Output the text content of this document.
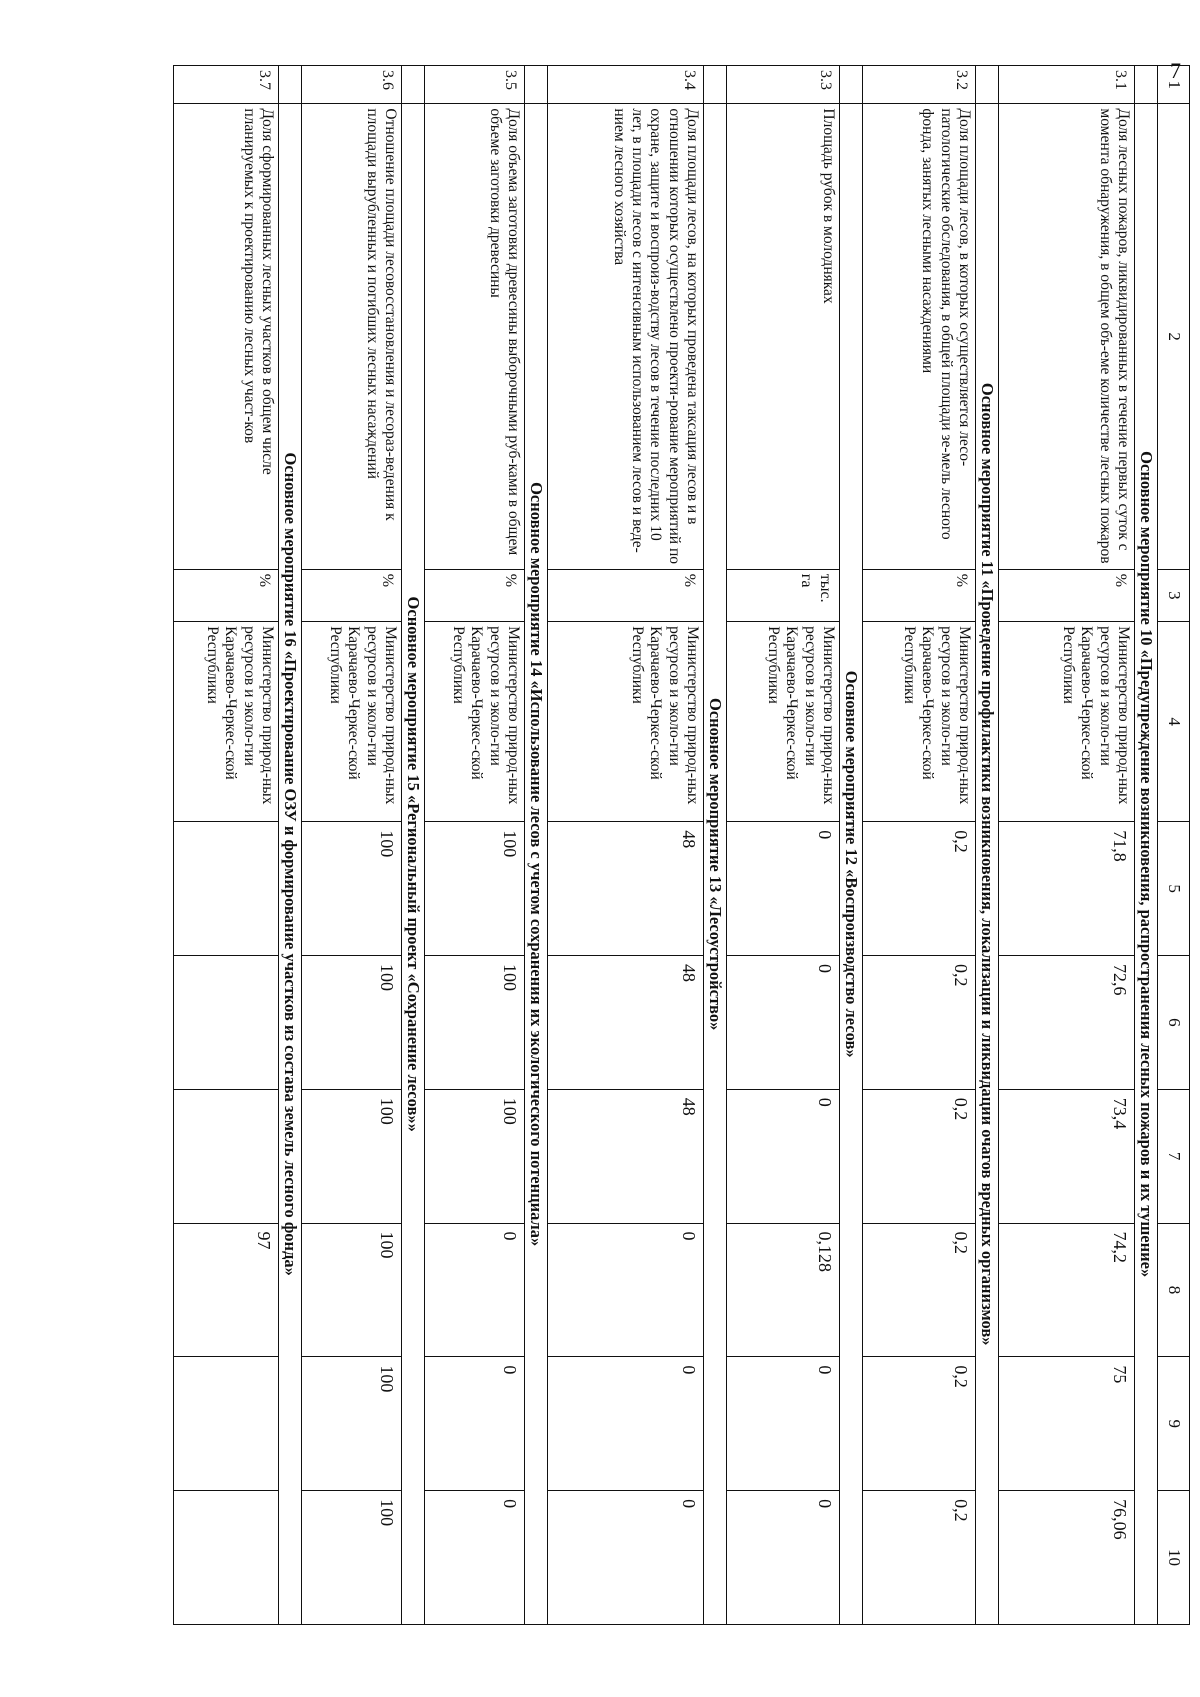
7
1	2	3	4	5	6	7	8	9	10
	Основное мероприятие 10 «Предупреждение возникновения, распространения лесных пожаров и их тушение»								
3.1	Доля лесных пожаров, ликвидированных в течение первых суток с момента обнаружения, в общем объ-еме количестве лесных пожаров	%	Министерство природ-ных ресурсов и эколо-гии Карачаево-Черкес-ской Республики	71,8	72,6	73,4	74,2	75	76,06
	Основное мероприятие 11 «Проведение профилактики возникновения, локализации и ликвидации очагов вредных организмов»								
3.2	Доля площади лесов, в которых осуществляется лесо-патологические обследования, в общей площади зе-мель лесного фонда, занятых лесными насаждениями	%	Министерство природ-ных ресурсов и эколо-гии Карачаево-Черкес-ской Республики	0,2	0,2	0,2	0,2	0,2	0,2
	Основное мероприятие 12 «Воспроизводство лесов»								
3.3	Площадь рубок в молодняках	тыс. га	Министерство природ-ных ресурсов и эколо-гии Карачаево-Черкес-ской Республики	0	0	0	0,128	0	0
	Основное мероприятие 13 «Лесоустройство»								
3.4	Доля площади лесов, на которых проведена таксация лесов и в отношении которых осуществлено проекти-рование мероприятий по охране, защите и воспроиз-водству лесов в течение последних 10 лет, в площади лесов с интенсивным использованием лесов и веде-нием лесного хозяйства	%	Министерство природ-ных ресурсов и эколо-гии Карачаево-Черкес-ской Республики	48	48	48	0	0	0
	Основное мероприятие 14 «Использование лесов с учетом сохранения их экологического потенциала»								
3.5	Доля объема заготовки древесины выборочными руб-ками в общем объеме заготовки древесины	%	Министерство природ-ных ресурсов и эколо-гии Карачаево-Черкес-ской Республики	100	100	100	0	0	0
	Основное мероприятие 15 «Региональный проект «Сохранение лесов»»								
3.6	Отношение площади лесовосстановления и лесораз-ведения к площади вырубленных и погибших лесных насаждений	%	Министерство природ-ных ресурсов и эколо-гии Карачаево-Черкес-ской Республики	100	100	100	100	100	100
	Основное мероприятие 16 «Проектирование ОЗУ и формирование участков из состава земель лесного фонда»								
3.7	Доля сформированных лесных участков в общем числе планируемых к проектированию лесных участ-ков	%	Министерство природ-ных ресурсов и эколо-гии Карачаево-Черкес-ской Республики				97		
